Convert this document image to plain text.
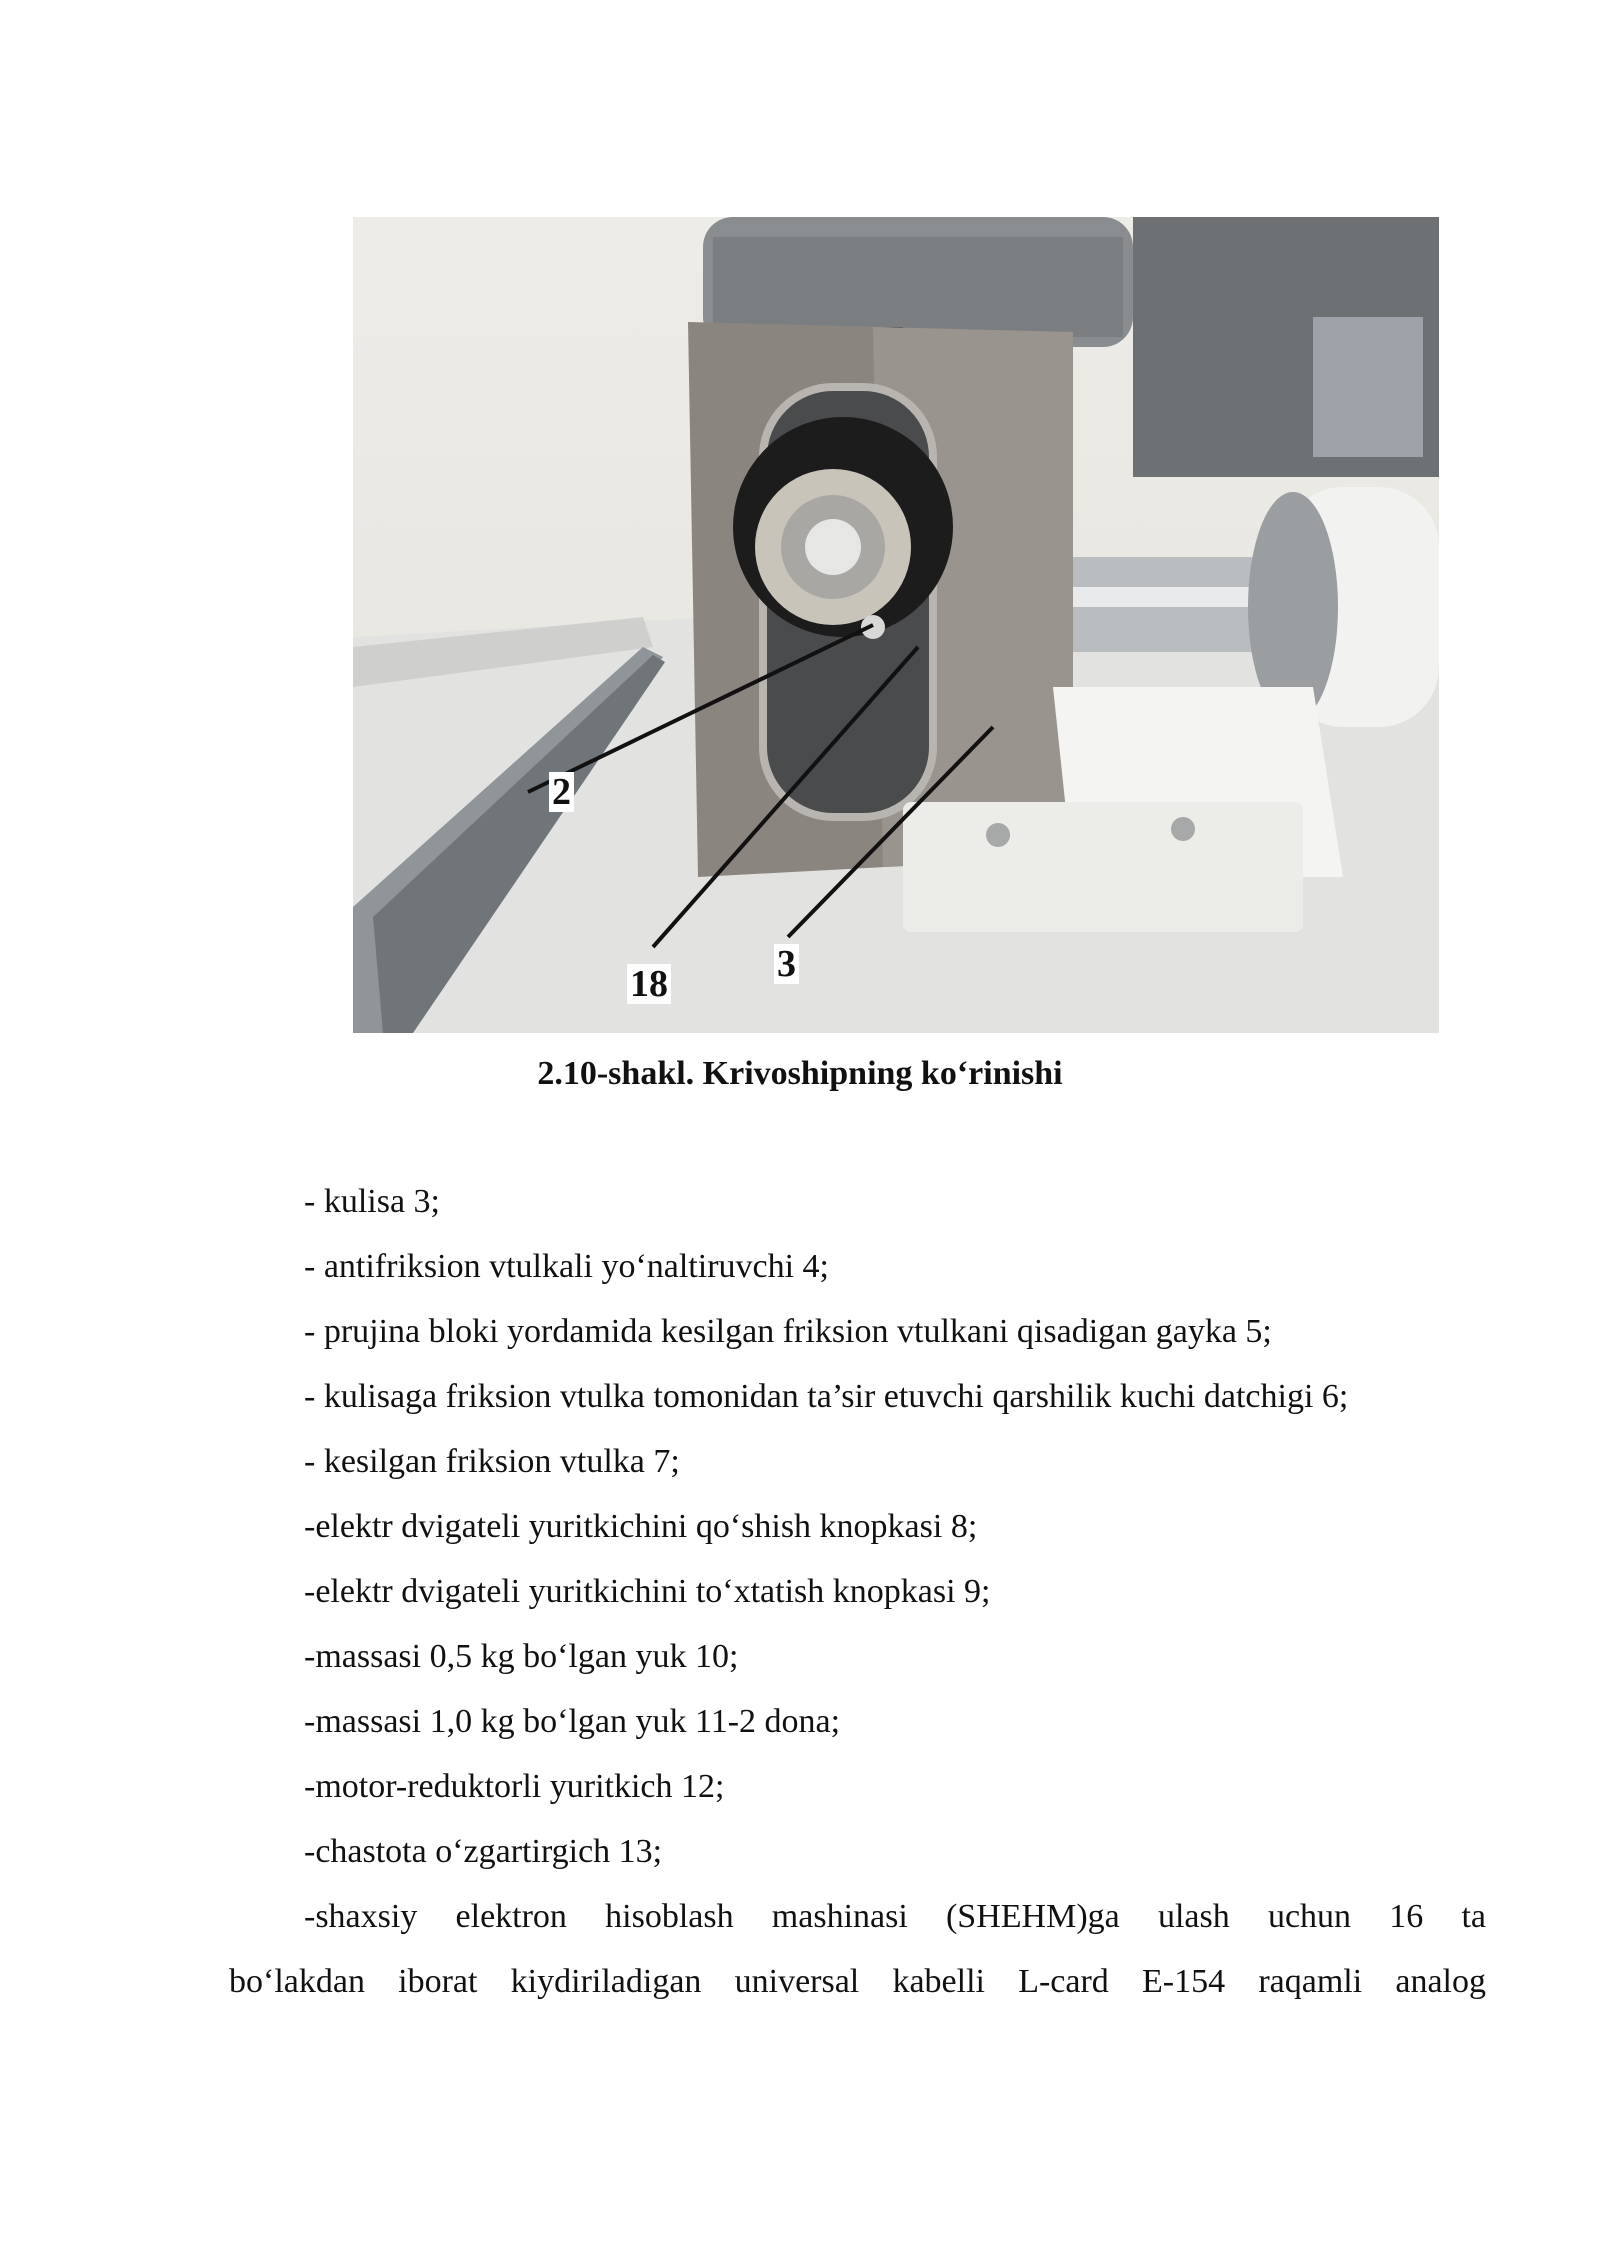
2
18	3
2.10-shakl. Krivoshipning ko‘rinishi
- kulisa 3;
- antifriksion vtulkali yo‘naltiruvchi 4;
- prujina bloki yordamida kesilgan friksion vtulkani qisadigan gayka 5;
- kulisaga friksion vtulka tomonidan ta’sir etuvchi qarshilik kuchi datchigi 6;
- kesilgan friksion vtulka 7;
-elektr dvigateli yuritkichini qo‘shish knopkasi 8;
-elektr dvigateli yuritkichini to‘xtatish knopkasi 9;
-massasi 0,5 kg bo‘lgan yuk 10;
-massasi 1,0 kg bo‘lgan yuk 11-2 dona;
-motor-reduktorli yuritkich 12;
-chastota o‘zgartirgich 13;
-shaxsiy elektron hisoblash mashinasi (SHEHM)ga ulash uchun 16 ta
bo‘lakdan iborat kiydiriladigan universal kabelli L-card E-154 raqamli analog
